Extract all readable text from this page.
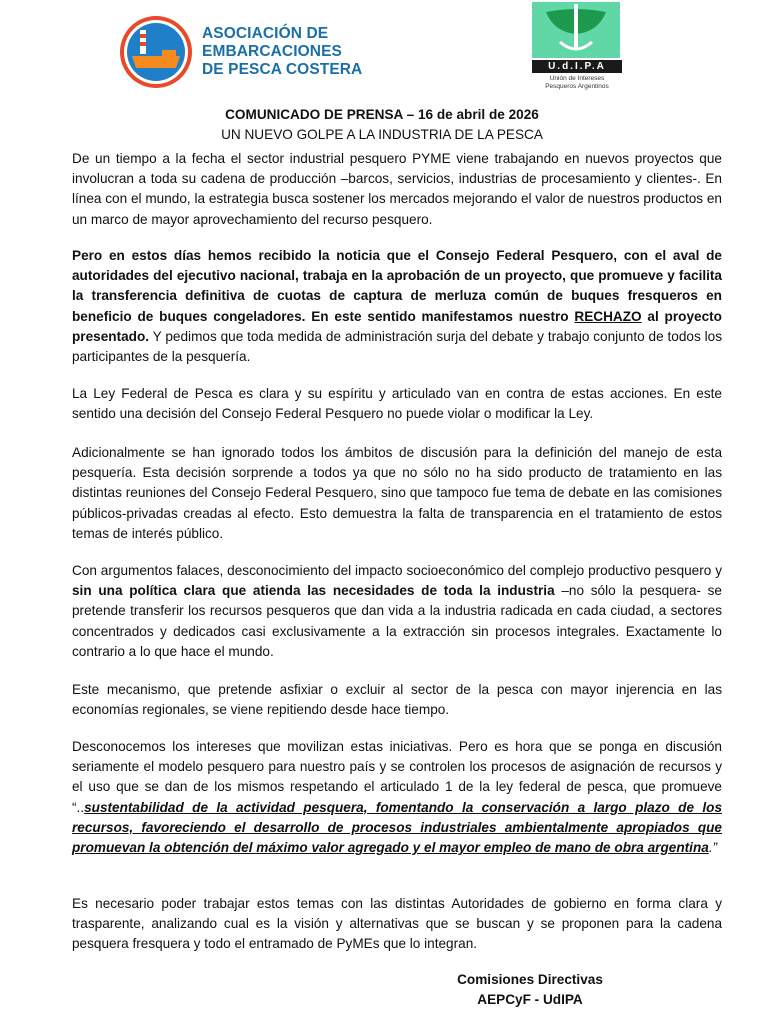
ASOCIACIÓN DE
EMBARCACIONES
DE PESCA COSTERA	U.d.I.P.A
Unión de Intereses
Pesqueros Argentinos
COMUNICADO DE PRENSA – 16 de abril de 2026
UN NUEVO GOLPE A LA INDUSTRIA DE LA PESCA
De un tiempo a la fecha el sector industrial pesquero PYME viene trabajando en nuevos proyectos que involucran a toda su cadena de producción –barcos, servicios, industrias de procesamiento y clientes-. En línea con el mundo, la estrategia busca sostener los mercados mejorando el valor de nuestros productos en un marco de mayor aprovechamiento del recurso pesquero.
Pero en estos días hemos recibido la noticia que el Consejo Federal Pesquero, con el aval de autoridades del ejecutivo nacional, trabaja en la aprobación de un proyecto, que promueve y facilita la transferencia definitiva de cuotas de captura de merluza común de buques fresqueros en beneficio de buques congeladores. En este sentido manifestamos nuestro RECHAZO al proyecto presentado. Y pedimos que toda medida de administración surja del debate y trabajo conjunto de todos los participantes de la pesquería.
La Ley Federal de Pesca es clara y su espíritu y articulado van en contra de estas acciones. En este sentido una decisión del Consejo Federal Pesquero no puede violar o modificar la Ley.
Adicionalmente se han ignorado todos los ámbitos de discusión para la definición del manejo de esta pesquería. Esta decisión sorprende a todos ya que no sólo no ha sido producto de tratamiento en las distintas reuniones del Consejo Federal Pesquero, sino que tampoco fue tema de debate en las comisiones públicos-privadas creadas al efecto. Esto demuestra la falta de transparencia en el tratamiento de estos temas de interés público.
Con argumentos falaces, desconocimiento del impacto socioeconómico del complejo productivo pesquero y sin una política clara que atienda las necesidades de toda la industria –no sólo la pesquera- se pretende transferir los recursos pesqueros que dan vida a la industria radicada en cada ciudad, a sectores concentrados y dedicados casi exclusivamente a la extracción sin procesos integrales. Exactamente lo contrario a lo que hace el mundo.
Este mecanismo, que pretende asfixiar o excluir al sector de la pesca con mayor injerencia en las economías regionales, se viene repitiendo desde hace tiempo.
Desconocemos los intereses que movilizan estas iniciativas. Pero es hora que se ponga en discusión seriamente el modelo pesquero para nuestro país y se controlen los procesos de asignación de recursos y el uso que se dan de los mismos respetando el articulado 1 de la ley federal de pesca, que promueve “..sustentabilidad de la actividad pesquera, fomentando la conservación a largo plazo de los recursos, favoreciendo el desarrollo de procesos industriales ambientalmente apropiados que promuevan la obtención del máximo valor agregado y el mayor empleo de mano de obra argentina.”
Es necesario poder trabajar estos temas con las distintas Autoridades de gobierno en forma clara y trasparente, analizando cual es la visión y alternativas que se buscan y se proponen para la cadena pesquera fresquera y todo el entramado de PyMEs que lo integran.
Comisiones Directivas
AEPCyF - UdIPA
